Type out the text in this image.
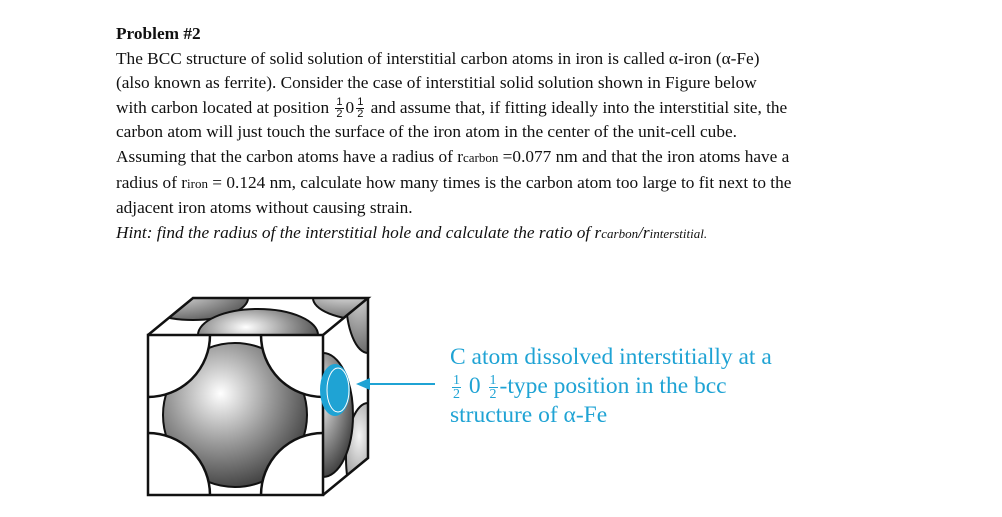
Problem #2
The BCC structure of solid solution of interstitial carbon atoms in iron is called α-iron (α-Fe)
(also known as ferrite). Consider the case of interstitial solid solution shown in Figure below
with carbon located at position $\frac{1}{2} 0 \frac{1}{2}$ and assume that, if fitting ideally into the interstitial site, the
carbon atom will just touch the surface of the iron atom in the center of the unit-cell cube.
Assuming that the carbon atoms have a radius of rcarbon =0.077 nm and that the iron atoms have a
radius of riron = 0.124 nm, calculate how many times is the carbon atom too large to fit next to the
adjacent iron atoms without causing strain.
Hint: find the radius of the interstitial hole and calculate the ratio of rcarbon/rinterstitial.
C atom dissolved interstitially at a
$\frac{1}{2} 0 \frac{1}{2}$ -type position in the bcc
structure of α-Fe
